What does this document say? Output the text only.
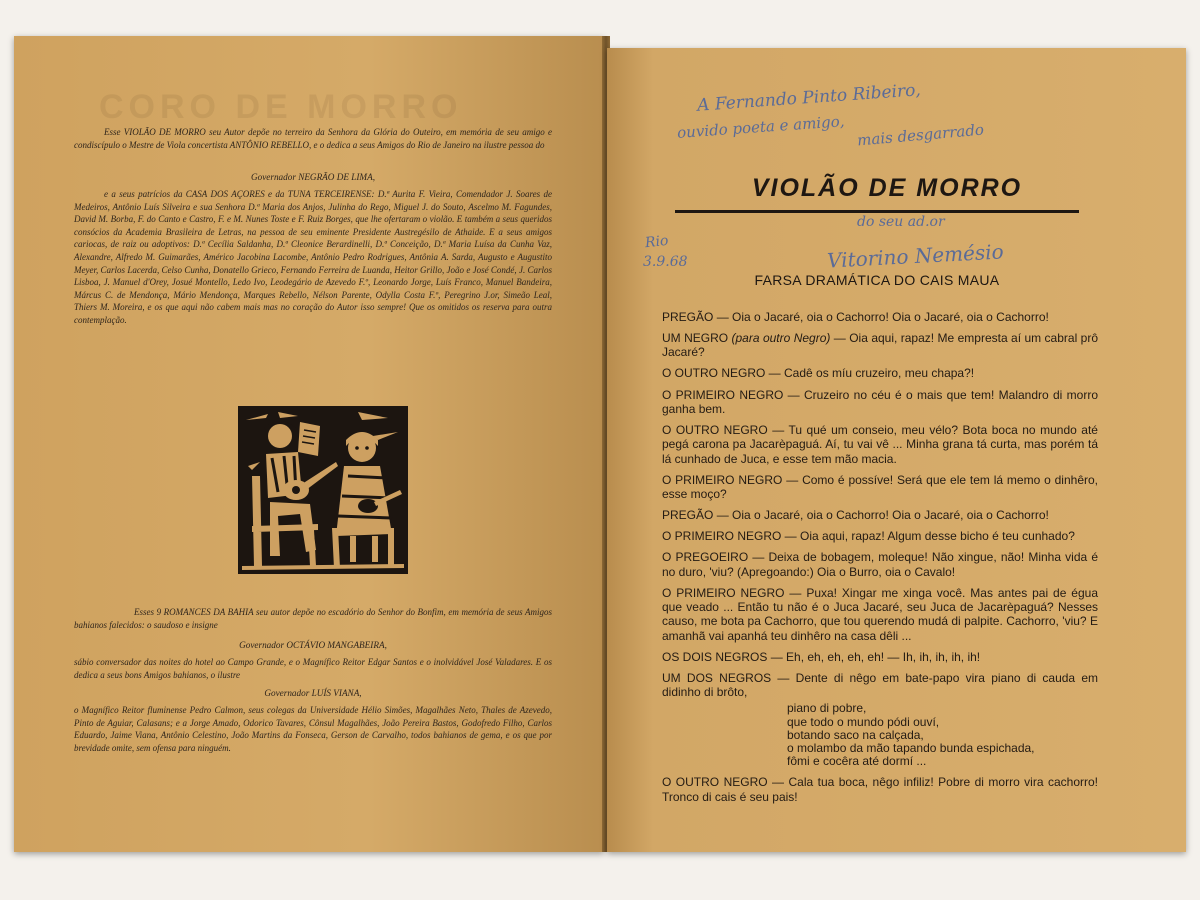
CORO DE MORRO

Esse VIOLÃO DE MORRO seu Autor depõe no terreiro da Senhora da Glória do Outeiro, em memória de seu amigo e condiscípulo o Mestre de Viola concertista ANTÔNIO REBELLO, e o dedica a seus Amigos do Rio de Janeiro na ilustre pessoa do

Governador NEGRÃO DE LIMA,

e a seus patrícios da CASA DOS AÇORES e da TUNA TERCEIRENSE: D.ª Aurita F. Vieira, Comendador J. Soares de Medeiros, Antônio Luís Silveira e sua Senhora D.ª Maria dos Anjos, Julinha do Rego, Miguel J. do Souto, Ascelmo M. Fagundes, David M. Borba, F. do Canto e Castro, F. e M. Nunes Toste e F. Ruiz Borges, que lhe ofertaram o violão. E também a seus queridos consócios da Academia Brasileira de Letras, na pessoa de seu eminente Presidente Austregésilo de Athaide. E a seus amigos cariocas, de raiz ou adoptivos: D.ª Cecília Saldanha, D.ª Cleonice Berardinelli, D.ª Conceição, D.ª Maria Luísa da Cunha Vaz, Alexandre, Alfredo M. Guimarães, Américo Jacobina Lacombe, Antônio Pedro Rodrigues, Antônia A. Sarda, Augusto e Augustito Meyer, Carlos Lacerda, Celso Cunha, Donatello Grieco, Fernando Ferreira de Luanda, Heitor Grillo, João e José Condé, J. Carlos Lisboa, J. Manuel d'Orey, Josué Montello, Ledo Ivo, Leodegário de Azevedo F.º, Leonardo Jorge, Luís Franco, Manuel Bandeira, Márcus C. de Mendonça, Mário Mendonça, Marques Rebello, Nélson Parente, Odylla Costa F.º, Peregrino J.or, Simeão Leal, Thiers M. Moreira, e os que aqui não cabem mais mas no coração do Autor isso sempre! Que os omitidos os reserva para outra contemplação.

Esses 9 ROMANCES DA BAHIA seu autor depõe no escadório do Senhor do Bonfim, em memória de seus Amigos bahianos falecidos: o saudoso e insigne

Governador OCTÁVIO MANGABEIRA,

sábio conversador das noites do hotel ao Campo Grande, e o Magnífico Reitor Edgar Santos e o inolvidável José Valadares. E os dedica a seus bons Amigos bahianos, o ilustre

Governador LUÍS VIANA,

o Magnífico Reitor fluminense Pedro Calmon, seus colegas da Universidade Hélio Simões, Magalhães Neto, Thales de Azevedo, Pinto de Aguiar, Calasans; e a Jorge Amado, Odorico Tavares, Cônsul Magalhães, João Pereira Bastos, Godofredo Filho, Carlos Eduardo, Jaime Viana, Antônio Celestino, João Martins da Fonseca, Gerson de Carvalho, todos bahianos de gema, e os que por brevidade omite, sem ofensa para ninguém.

A Fernando Pinto Ribeiro,
ouvido poeta e amigo, mais desgarrado
VIOLÃO DE MORRO
do seu ad.or
Rio
3.9.68	Vitorino Nemésio

FARSA DRAMÁTICA DO CAIS MAUA

PREGÃO — Oia o Jacaré, oia o Cachorro! Oia o Jacaré, oia o Cachorro!

UM NEGRO (para outro Negro) — Oia aqui, rapaz! Me empresta aí um cabral prô Jacaré?

O OUTRO NEGRO — Cadê os míu cruzeiro, meu chapa?!

O PRIMEIRO NEGRO — Cruzeiro no céu é o mais que tem! Malandro di morro ganha bem.

O OUTRO NEGRO — Tu qué um conseio, meu vélo? Bota boca no mundo até pegá carona pa Jacarèpaguá. Aí, tu vai vê ... Minha grana tá curta, mas porém tá lá cunhado de Juca, e esse tem mão macia.

O PRIMEIRO NEGRO — Como é possíve! Será que ele tem lá memo o dinhêro, esse moço?

PREGÃO — Oia o Jacaré, oia o Cachorro! Oia o Jacaré, oia o Cachorro!

O PRIMEIRO NEGRO — Oia aqui, rapaz! Algum desse bicho é teu cunhado?

O PREGOEIRO — Deixa de bobagem, moleque! Não xingue, não! Minha vida é no duro, 'viu? (Apregoando:) Oia o Burro, oia o Cavalo!

O PRIMEIRO NEGRO — Puxa! Xingar me xinga você. Mas antes pai de égua que veado ... Então tu não é o Juca Jacaré, seu Juca de Jacarèpaguá? Nesses causo, me bota pa Cachorro, que tou querendo mudá di palpite. Cachorro, 'viu? E amanhã vai apanhá teu dinhêro na casa dêli ...

OS DOIS NEGROS — Eh, eh, eh, eh, eh! — Ih, ih, ih, ih, ih!

UM DOS NEGROS — Dente di nêgo em bate-papo vira piano di cauda em didinho di brôto,

piano di pobre,
que todo o mundo pódi ouví,
botando saco na calçada,
o molambo da mão tapando bunda espichada,
fômi e cocêra até dormí ...

O OUTRO NEGRO — Cala tua boca, nêgo infiliz! Pobre di morro vira cachorro! Tronco di cais é seu pais!
